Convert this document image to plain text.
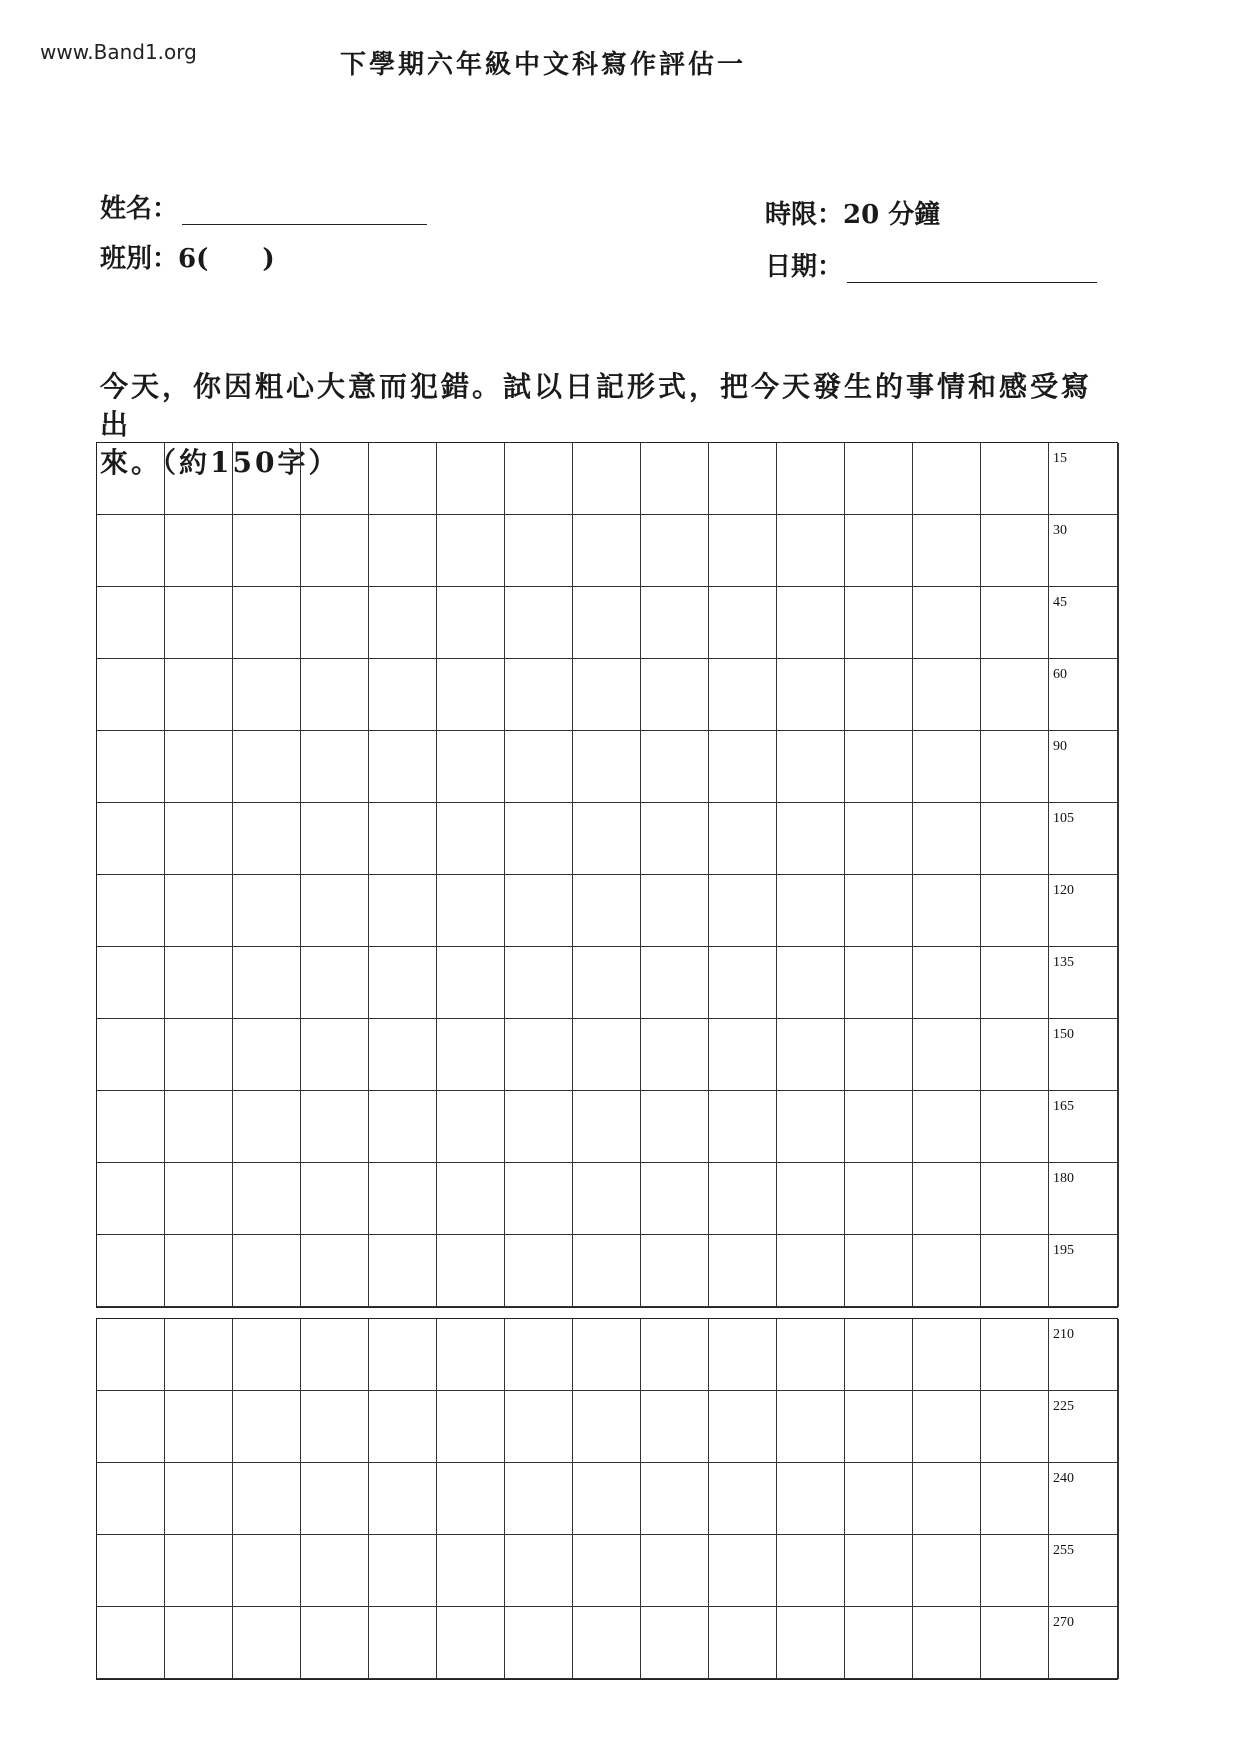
www.Band1.org	下學期六年級中文科寫作評估一
姓名：
班別：6( )
時限：20 分鐘
日期：
今天，你因粗心大意而犯錯。試以日記形式，把今天發生的事情和感受寫出
來。（約150字）	15
30
45
60
90
105
120
135
150
165
180
195
210
225
240
255
270
